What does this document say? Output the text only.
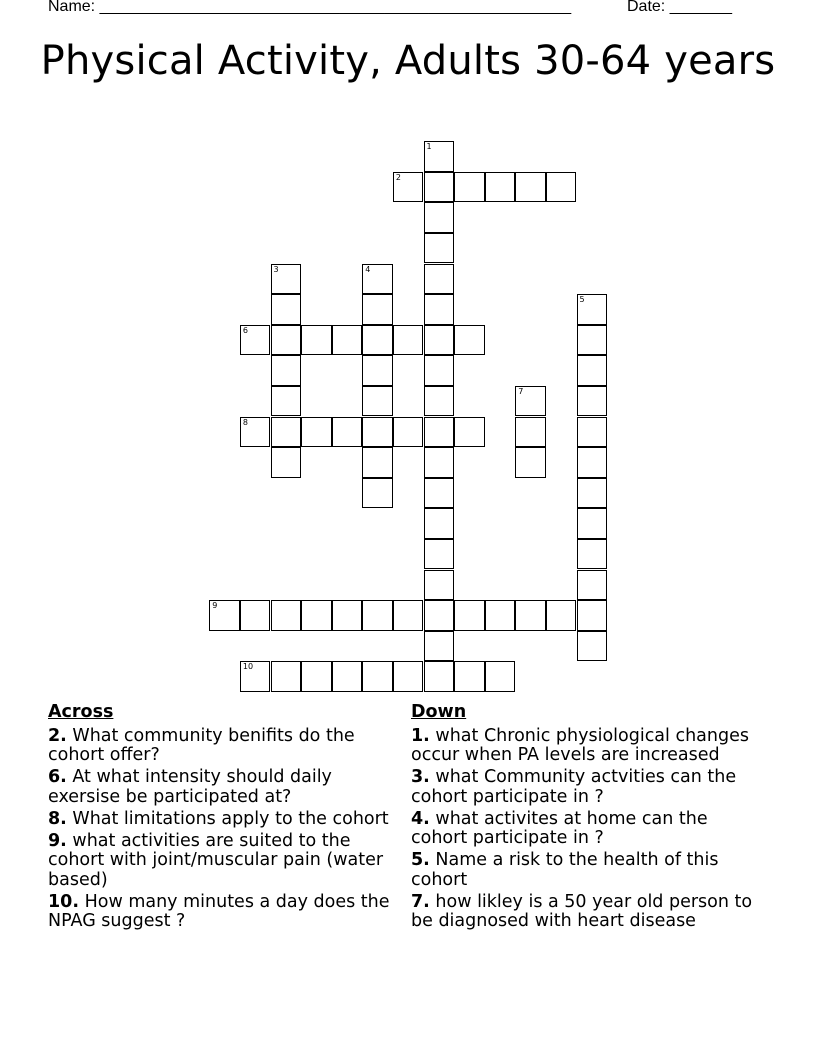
Name: _____________________________________________________	Date: _______
Physical Activity, Adults 30-64 years
1
2
3	4
5
6
7
8
9
10
Across
2. What community benifits do the cohort offer?
6. At what intensity should daily exersise be participated at?
8. What limitations apply to the cohort
9. what activities are suited to the cohort with joint/muscular pain (water based)
10. How many minutes a day does the NPAG suggest ?
Down
1. what Chronic physiological changes occur when PA levels are increased
3. what Community actvities can the cohort participate in ?
4. what activites at home can the cohort participate in ?
5. Name a risk to the health of this cohort
7. how likley is a 50 year old person to be diagnosed with heart disease
